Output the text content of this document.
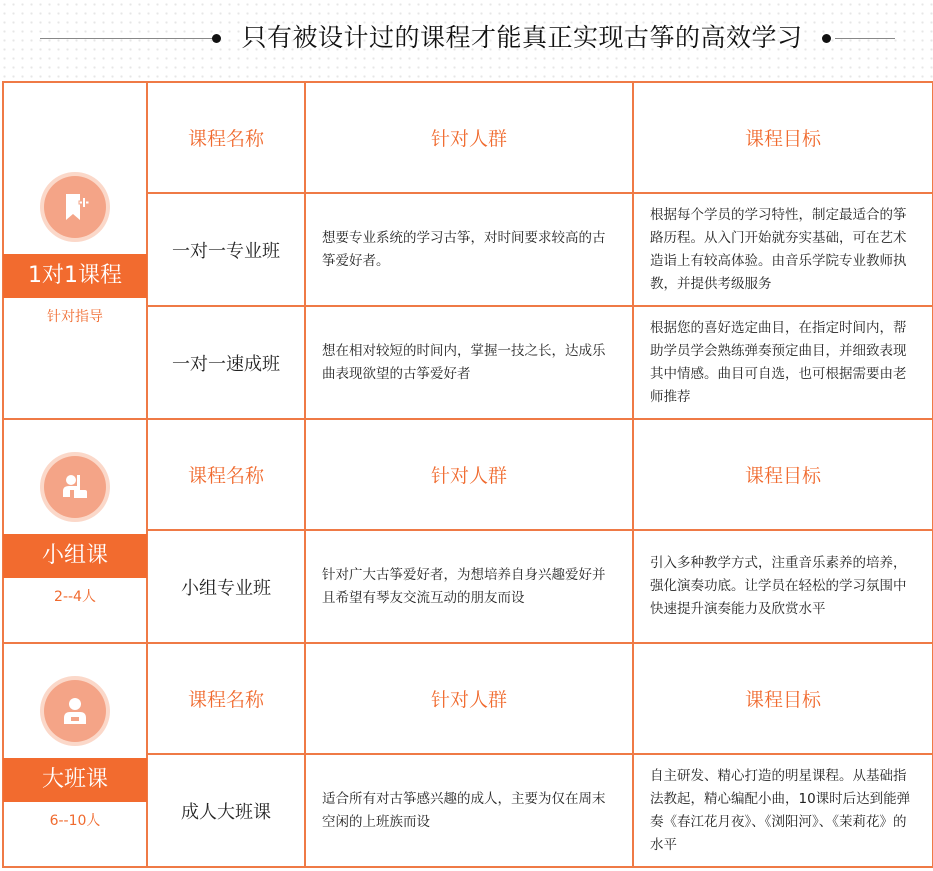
只有被设计过的课程才能真正实现古筝的高效学习
1对1课程
针对指导	课程名称	针对人群	课程目标
	一对一专业班	想要专业系统的学习古筝，对时间要求较高的古筝爱好者。	根据每个学员的学习特性，制定最适合的筝路历程。从入门开始就夯实基础，可在艺术造诣上有较高体验。由音乐学院专业教师执教，并提供考级服务
	一对一速成班	想在相对较短的时间内，掌握一技之长，达成乐曲表现欲望的古筝爱好者	根据您的喜好选定曲目，在指定时间内，帮助学员学会熟练弹奏预定曲目，并细致表现其中情感。曲目可自选，也可根据需要由老师推荐

小组课
2--4人	课程名称	针对人群	课程目标
	小组专业班	针对广大古筝爱好者，为想培养自身兴趣爱好并且希望有琴友交流互动的朋友而设	引入多种教学方式，注重音乐素养的培养，强化演奏功底。让学员在轻松的学习氛围中快速提升演奏能力及欣赏水平

大班课
6--10人	课程名称	针对人群	课程目标
	成人大班课	适合所有对古筝感兴趣的成人，主要为仅在周末空闲的上班族而设	自主研发、精心打造的明星课程。从基础指法教起，精心编配小曲，10课时后达到能弹奏《春江花月夜》、《浏阳河》、《茉莉花》的水平
